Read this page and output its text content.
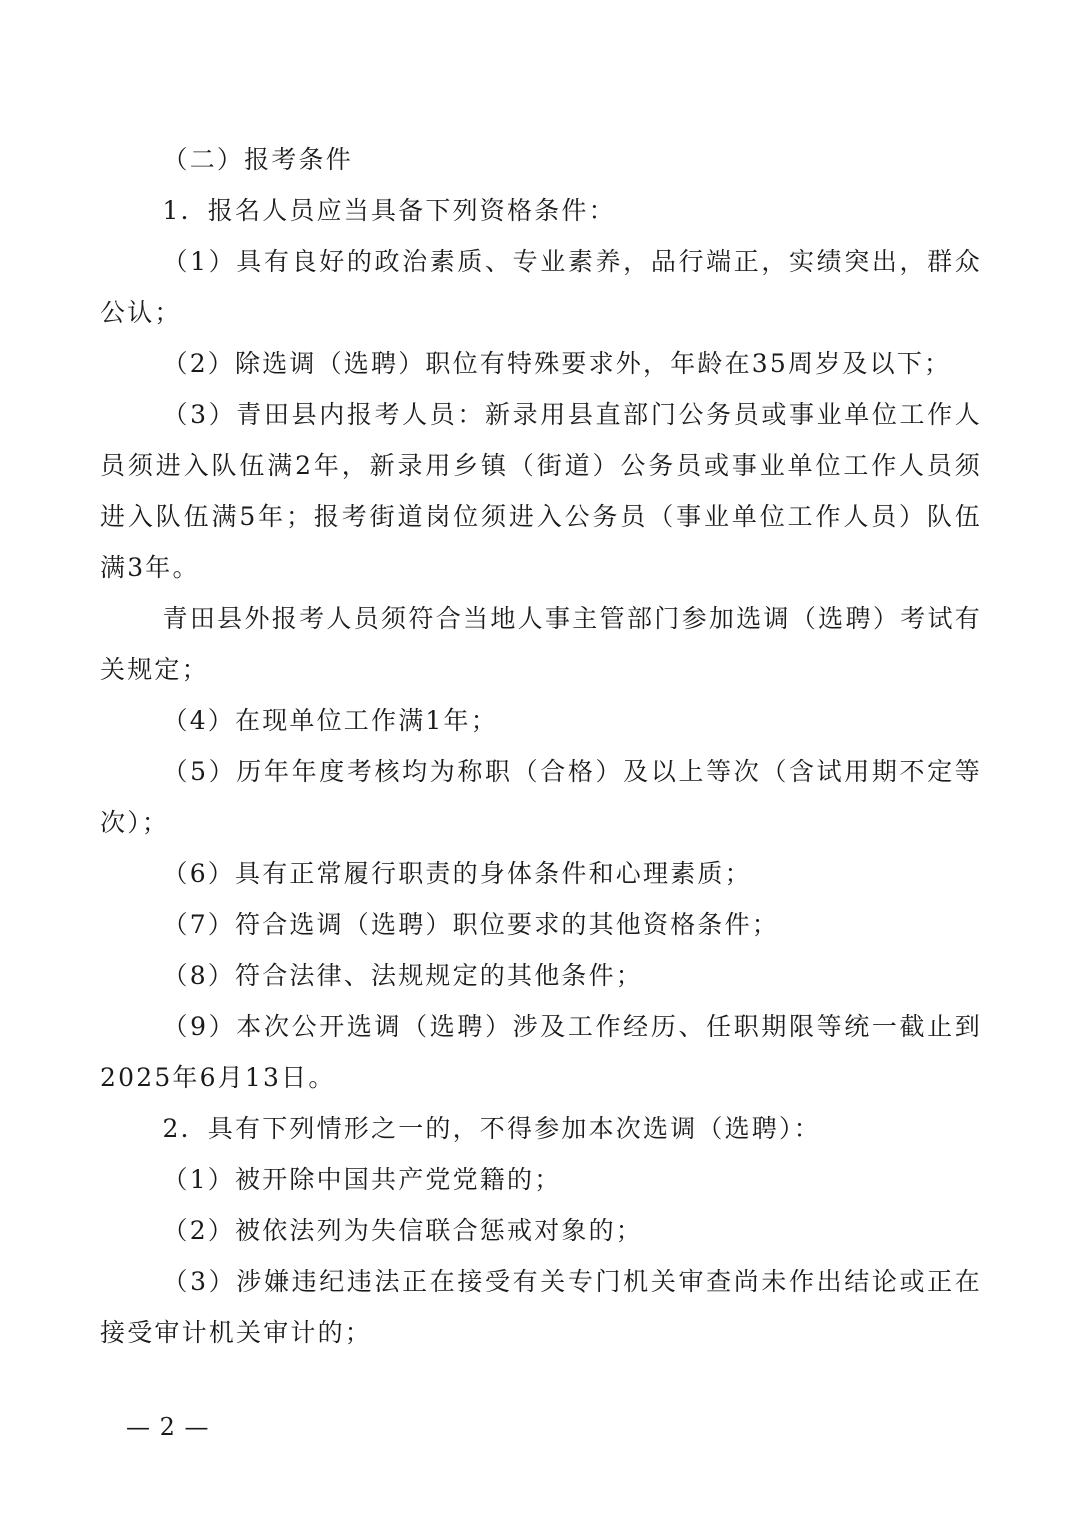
（二）报考条件

1．报名人员应当具备下列资格条件：

（1）具有良好的政治素质、专业素养，品行端正，实绩突出，群众公认；

（2）除选调（选聘）职位有特殊要求外，年龄在35周岁及以下；

（3）青田县内报考人员：新录用县直部门公务员或事业单位工作人员须进入队伍满2年，新录用乡镇（街道）公务员或事业单位工作人员须进入队伍满5年；报考街道岗位须进入公务员（事业单位工作人员）队伍满3年。

青田县外报考人员须符合当地人事主管部门参加选调（选聘）考试有关规定；

（4）在现单位工作满1年；

（5）历年年度考核均为称职（合格）及以上等次（含试用期不定等次）；

（6）具有正常履行职责的身体条件和心理素质；

（7）符合选调（选聘）职位要求的其他资格条件；

（8）符合法律、法规规定的其他条件；

（9）本次公开选调（选聘）涉及工作经历、任职期限等统一截止到2025年6月13日。

2．具有下列情形之一的，不得参加本次选调（选聘）：

（1）被开除中国共产党党籍的；

（2）被依法列为失信联合惩戒对象的；

（3）涉嫌违纪违法正在接受有关专门机关审查尚未作出结论或正在接受审计机关审计的；

— 2 —
